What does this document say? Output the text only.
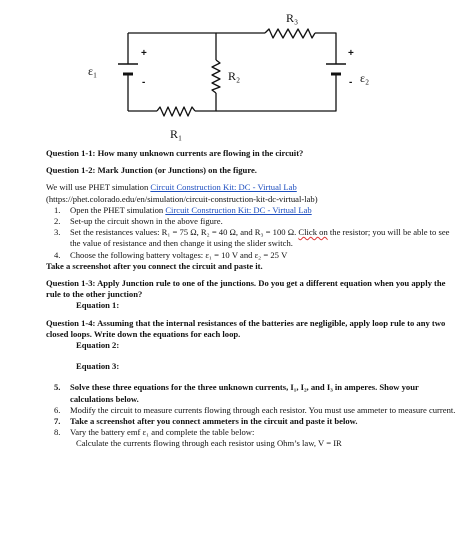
R₃
R₂
R₁
ε₁	ε₂
+
-
+
-

Question 1-1: How many unknown currents are flowing in the circuit?

Question 1-2: Mark Junction (or Junctions) on the figure.

We will use PHET simulation Circuit Construction Kit: DC - Virtual Lab

(https://phet.colorado.edu/en/simulation/circuit-construction-kit-dc-virtual-lab)

1. Open the PHET simulation Circuit Construction Kit: DC - Virtual Lab
2. Set-up the circuit shown in the above figure.
3. Set the resistances values: R₁ = 75 Ω, R₂ = 40 Ω, and R₃ = 100 Ω. Click on the resistor; you will be able to see the value of resistance and then change it using the slider switch.
4. Choose the following battery voltages: ε₁ = 10 V and ε₂ = 25 V

Take a screenshot after you connect the circuit and paste it.

Question 1-3: Apply Junction rule to one of the junctions. Do you get a different equation when you apply the rule to the other junction?

Equation 1:

Question 1-4: Assuming that the internal resistances of the batteries are negligible, apply loop rule to any two closed loops. Write down the equations for each loop.

Equation 2:

Equation 3:

5. Solve these three equations for the three unknown currents, I₁, I₂, and I₃ in amperes. Show your calculations below.
6. Modify the circuit to measure currents flowing through each resistor. You must use ammeter to measure current.
7. Take a screenshot after you connect ammeters in the circuit and paste it below.
8. Vary the battery emf ε₁ and complete the table below:

Calculate the currents flowing through each resistor using Ohm’s law, V = IR
